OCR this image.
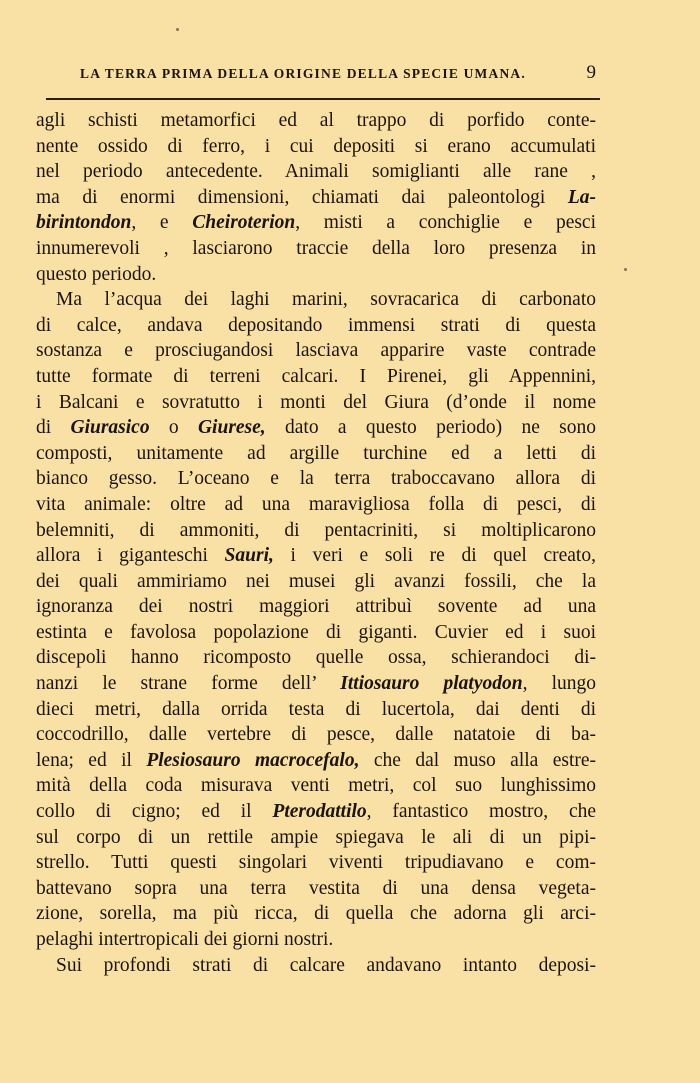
LA TERRA PRIMA DELLA ORIGINE DELLA SPECIE UMANA.	9
agli schisti metamorfici ed al trappo di porfido conte-
nente ossido di ferro, i cui depositi si erano accumulati
nel periodo antecedente. Animali somiglianti alle rane ,
ma di enormi dimensioni, chiamati dai paleontologi La-
birintondon, e Cheiroterion, misti a conchiglie e pesci
innumerevoli , lasciarono traccie della loro presenza in
questo periodo.
Ma l’acqua dei laghi marini, sovracarica di carbonato
di calce, andava depositando immensi strati di questa
sostanza e prosciugandosi lasciava apparire vaste contrade
tutte formate di terreni calcari. I Pirenei, gli Appennini,
i Balcani e sovratutto i monti del Giura (d’onde il nome
di Giurasico o Giurese, dato a questo periodo) ne sono
composti, unitamente ad argille turchine ed a letti di
bianco gesso. L’oceano e la terra traboccavano allora di
vita animale: oltre ad una maravigliosa folla di pesci, di
belemniti, di ammoniti, di pentacriniti, si moltiplicarono
allora i giganteschi Sauri, i veri e soli re di quel creato,
dei quali ammiriamo nei musei gli avanzi fossili, che la
ignoranza dei nostri maggiori attribuì sovente ad una
estinta e favolosa popolazione di giganti. Cuvier ed i suoi
discepoli hanno ricomposto quelle ossa, schierandoci di-
nanzi le strane forme dell’ Ittiosauro platyodon, lungo
dieci metri, dalla orrida testa di lucertola, dai denti di
coccodrillo, dalle vertebre di pesce, dalle natatoie di ba-
lena; ed il Plesiosauro macrocefalo, che dal muso alla estre-
mità della coda misurava venti metri, col suo lunghissimo
collo di cigno; ed il Pterodattilo, fantastico mostro, che
sul corpo di un rettile ampie spiegava le ali di un pipi-
strello. Tutti questi singolari viventi tripudiavano e com-
battevano sopra una terra vestita di una densa vegeta-
zione, sorella, ma più ricca, di quella che adorna gli arci-
pelaghi intertropicali dei giorni nostri.
Sui profondi strati di calcare andavano intanto deposi-
